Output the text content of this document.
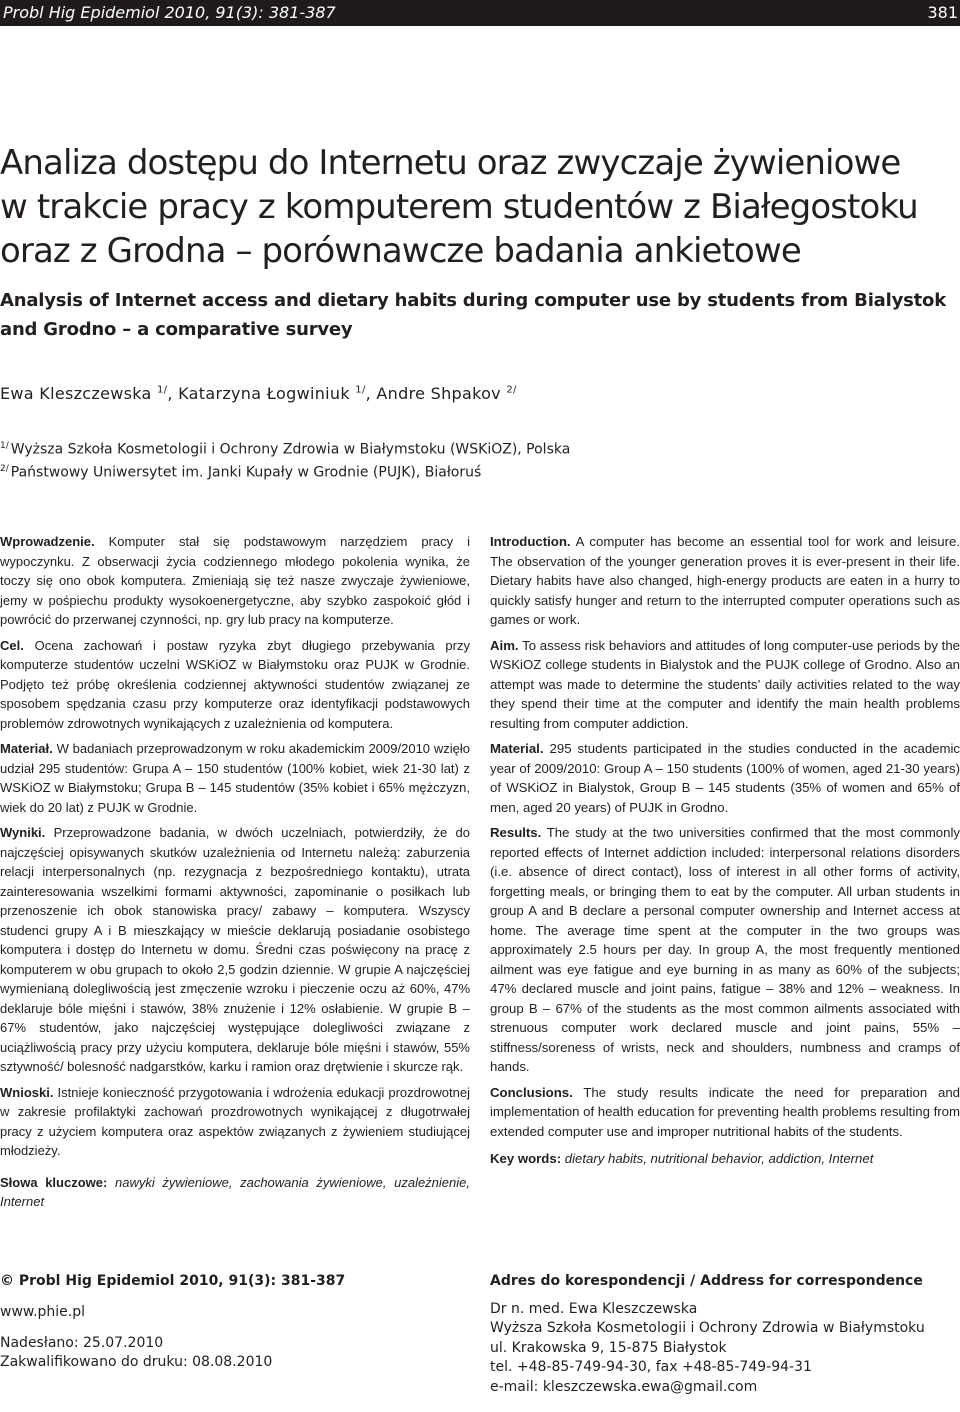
Probl Hig Epidemiol 2010, 91(3): 381-387	381
Analiza dostępu do Internetu oraz zwyczaje żywieniowe
w trakcie pracy z komputerem studentów z Białegostoku
oraz z Grodna – porównawcze badania ankietowe
Analysis of Internet access and dietary habits during computer use by students from Bialystok
and Grodno – a comparative survey
Ewa Kleszczewska $^{1/}$, Katarzyna Łogwiniuk $^{1/}$, Andre Shpakov $^{2/}$
$^{1/}$ Wyższa Szkoła Kosmetologii i Ochrony Zdrowia w Białymstoku (WSKiOZ), Polska
$^{2/}$ Państwowy Uniwersytet im. Janki Kupały w Grodnie (PUJK), Białoruś

Wprowadzenie. Komputer stał się podstawowym narzędziem pracy i wypoczynku. Z obserwacji życia codziennego młodego pokolenia wynika, że toczy się ono obok komputera. Zmieniają się też nasze zwyczaje żywieniowe, jemy w pośpiechu produkty wysokoenergetyczne, aby szybko zaspokoić głód i powrócić do przerwanej czynności, np. gry lub pracy na komputerze.

Cel. Ocena zachowań i postaw ryzyka zbyt długiego przebywania przy komputerze studentów uczelni WSKiOZ w Białymstoku oraz PUJK w Grodnie. Podjęto też próbę określenia codziennej aktywności studentów związanej ze sposobem spędzania czasu przy komputerze oraz identyfikacji podstawowych problemów zdrowotnych wynikających z uzależnienia od komputera.

Materiał. W badaniach przeprowadzonym w roku akademickim 2009/2010 wzięło udział 295 studentów: Grupa A – 150 studentów (100% kobiet, wiek 21-30 lat) z WSKiOZ w Białymstoku; Grupa B – 145 studentów (35% kobiet i 65% mężczyzn, wiek do 20 lat) z PUJK w Grodnie.

Wyniki. Przeprowadzone badania, w dwóch uczelniach, potwierdziły, że do najczęściej opisywanych skutków uzależnienia od Internetu należą: zaburzenia relacji interpersonalnych (np. rezygnacja z bezpośredniego kontaktu), utrata zainteresowania wszelkimi formami aktywności, zapominanie o posiłkach lub przenoszenie ich obok stanowiska pracy/ zabawy – komputera. Wszyscy studenci grupy A i B mieszkający w mieście deklarują posiadanie osobistego komputera i dostęp do Internetu w domu. Średni czas poświęcony na pracę z komputerem w obu grupach to około 2,5 godzin dziennie. W grupie A najczęściej wymienianą dolegliwością jest zmęczenie wzroku i pieczenie oczu aż 60%, 47% deklaruje bóle mięśni i stawów, 38% znużenie i 12% osłabienie. W grupie B – 67% studentów, jako najczęściej występujące dolegliwości związane z uciążliwością pracy przy użyciu komputera, deklaruje bóle mięśni i stawów, 55% sztywność/ bolesność nadgarstków, karku i ramion oraz drętwienie i skurcze rąk.

Wnioski. Istnieje konieczność przygotowania i wdrożenia edukacji prozdrowotnej w zakresie profilaktyki zachowań prozdrowotnych wynikającej z długotrwałej pracy z użyciem komputera oraz aspektów związanych z żywieniem studiującej młodzieży.

Słowa kluczowe: nawyki żywieniowe, zachowania żywieniowe, uzależnienie, Internet

Introduction. A computer has become an essential tool for work and leisure. The observation of the younger generation proves it is ever-present in their life. Dietary habits have also changed, high-energy products are eaten in a hurry to quickly satisfy hunger and return to the interrupted computer operations such as games or work.

Aim. To assess risk behaviors and attitudes of long computer-use periods by the WSKiOZ college students in Bialystok and the PUJK college of Grodno. Also an attempt was made to determine the students’ daily activities related to the way they spend their time at the computer and identify the main health problems resulting from computer addiction.

Material. 295 students participated in the studies conducted in the academic year of 2009/2010: Group A – 150 students (100% of women, aged 21-30 years) of WSKiOZ in Bialystok, Group B – 145 students (35% of women and 65% of men, aged 20 years) of PUJK in Grodno.

Results. The study at the two universities confirmed that the most commonly reported effects of Internet addiction included: interpersonal relations disorders (i.e. absence of direct contact), loss of interest in all other forms of activity, forgetting meals, or bringing them to eat by the computer. All urban students in group A and B declare a personal computer ownership and Internet access at home. The average time spent at the computer in the two groups was approximately 2.5 hours per day. In group A, the most frequently mentioned ailment was eye fatigue and eye burning in as many as 60% of the subjects; 47% declared muscle and joint pains, fatigue – 38% and 12% – weakness. In group B – 67% of the students as the most common ailments associated with strenuous computer work declared muscle and joint pains, 55% – stiffness/soreness of wrists, neck and shoulders, numbness and cramps of hands.

Conclusions. The study results indicate the need for preparation and implementation of health education for preventing health problems resulting from extended computer use and improper nutritional habits of the students.

Key words: dietary habits, nutritional behavior, addiction, Internet

© Probl Hig Epidemiol 2010, 91(3): 381-387
www.phie.pl
Nadesłano: 25.07.2010
Zakwalifikowano do druku: 08.08.2010
Adres do korespondencji / Address for correspondence
Dr n. med. Ewa Kleszczewska
Wyższa Szkoła Kosmetologii i Ochrony Zdrowia w Białymstoku
ul. Krakowska 9, 15-875 Białystok
tel. +48-85-749-94-30, fax +48-85-749-94-31
e-mail: kleszczewska.ewa@gmail.com
